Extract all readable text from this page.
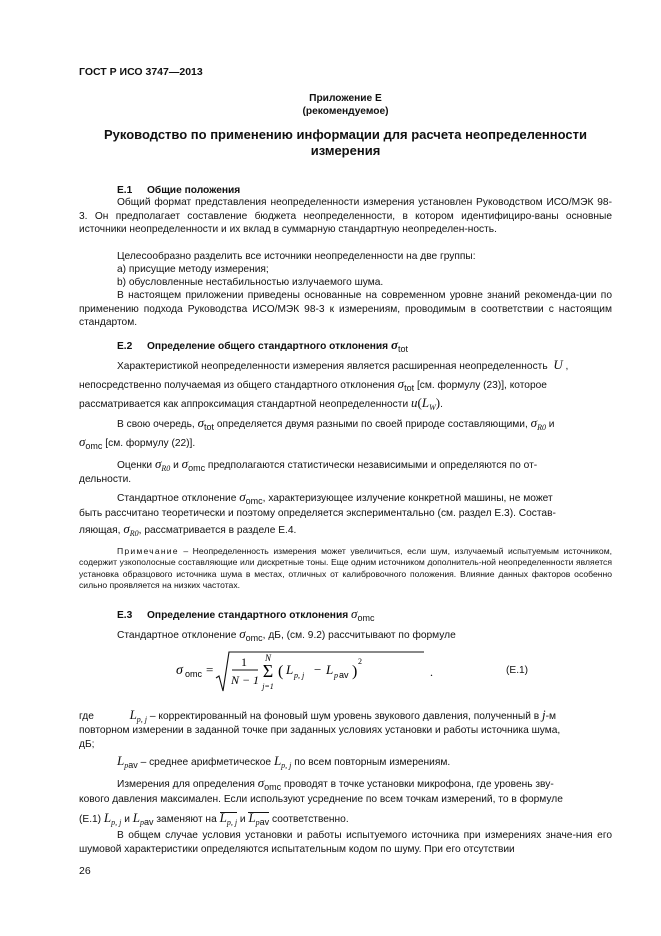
ГОСТ Р ИСО 3747—2013
Приложение Е
(рекомендуемое)
Руководство по применению информации для расчета неопределенности
измерения
Е.1 Общие положения
Общий формат представления неопределенности измерения установлен Руководством ИСО/МЭК 98-3. Он предполагает составление бюджета неопределенности, в котором идентифициро-ваны основные источники неопределенности и их вклад в суммарную стандартную неопределен-ность.
Целесообразно разделить все источники неопределенности на две группы:
a) присущие методу измерения;
b) обусловленные нестабильностью излучаемого шума.
В настоящем приложении приведены основанные на современном уровне знаний рекоменда-ции по применению подхода Руководства ИСО/МЭК 98-3 к измерениям, проводимым в соответствии с настоящим стандартом.
Е.2 Определение общего стандартного отклонения σtot
Характеристикой неопределенности измерения является расширенная неопределенность U ,
непосредственно получаемая из общего стандартного отклонения σtot [см. формулу (23)], которое
рассматривается как аппроксимация стандартной неопределенности $u(L_W)$.
В свою очередь, σtot определяется двумя разными по своей природе составляющими, $\sigma_{R0}$ и
σomc [см. формулу (22)].
Оценки $\sigma_{R0}$ и σomc предполагаются статистически независимыми и определяются по от-
дельности.
Стандартное отклонение σomc, характеризующее излучение конкретной машины, не может
быть рассчитано теоретически и поэтому определяется экспериментально (см. раздел Е.3). Состав-
ляющая, $\sigma_{R0}$, рассматривается в разделе Е.4.
Примечание – Неопределенность измерения может увеличиться, если шум, излучаемый испытуемым источником, содержит узкополосные составляющие или дискретные тоны. Еще одним источником дополнитель-ной неопределенности является установка образцового источника шума в местах, отличных от калибровочного положения. Влияние данных факторов особенно сильно проявляется на низких частотах.
Е.3 Определение стандартного отклонения σomc
Стандартное отклонение σomc, дБ, (см. 9.2) рассчитывают по формуле
σ omc = 1
N − 1
N
Σ
j=1
( L p, j − L p av )
2
.	(Е.1)
где	$L_{p, j}$ – корректированный на фоновый шум уровень звукового давления, полученный в j-м
повторном измерении в заданной точке при заданных условиях установки и работы источника шума,
дБ;
$L_pav$ – среднее арифметическое $L_{p, j}$ по всем повторным измерениям.
Измерения для определения σomc проводят в точке установки микрофона, где уровень зву-
кового давления максимален. Если используют усреднение по всем точкам измерений, то в формуле
(Е.1) $L_{p, j}$ и $L_pav$ заменяют на $L_{p, j}$ и $L_pav$ соответственно.
В общем случае условия установки и работы испытуемого источника при измерениях значе-ния его шумовой характеристики определяются испытательным кодом по шуму. При его отсутствии
26
